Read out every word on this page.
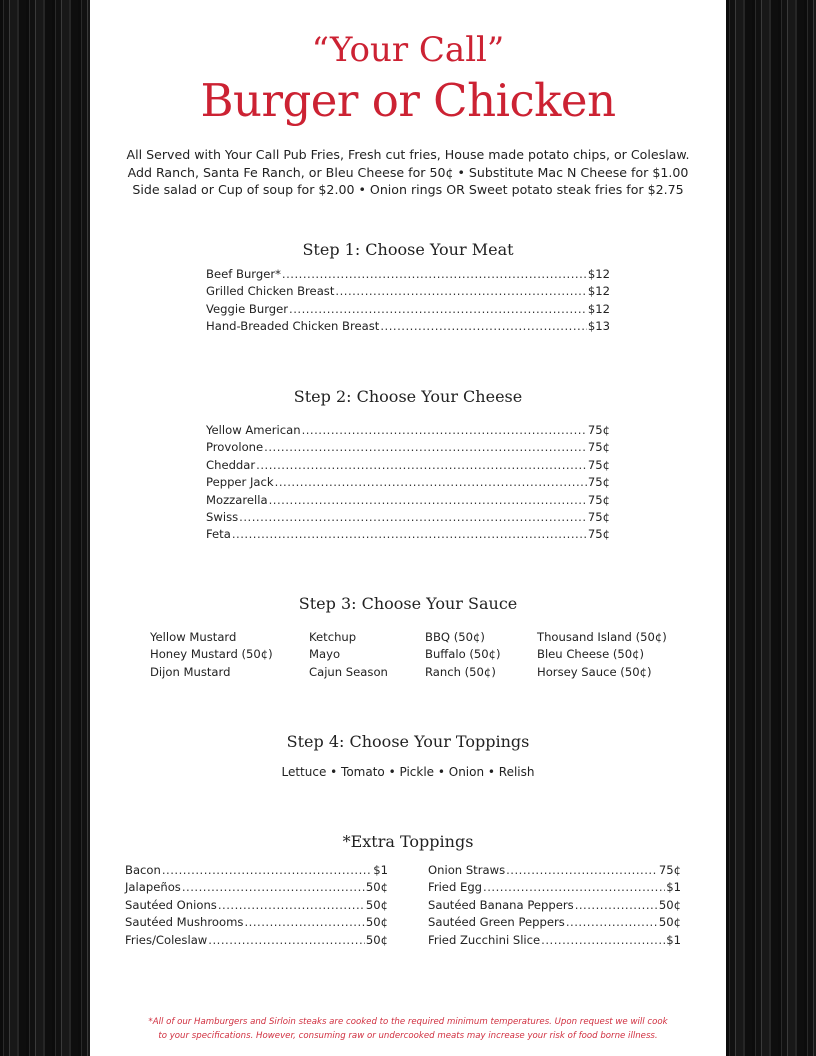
“Your Call”
Burger or Chicken
All Served with Your Call Pub Fries, Fresh cut fries, House made potato chips, or Coleslaw.
Add Ranch, Santa Fe Ranch, or Bleu Cheese for 50¢ • Substitute Mac N Cheese for $1.00
Side salad or Cup of soup for $2.00 • Onion rings OR Sweet potato steak fries for $2.75
Step 1: Choose Your Meat
Beef Burger* .....	$12
Grilled Chicken Breast .....	$12
Veggie Burger .....	$12
Hand-Breaded Chicken Breast .....	$13
Step 2: Choose Your Cheese
Yellow American .....	75¢
Provolone .....	75¢
Cheddar .....	75¢
Pepper Jack .....	75¢
Mozzarella .....	75¢
Swiss .....	75¢
Feta .....	75¢
Step 3: Choose Your Sauce
Yellow Mustard
Honey Mustard (50¢)
Dijon Mustard
Ketchup
Mayo
Cajun Season
BBQ (50¢)
Buffalo (50¢)
Ranch (50¢)
Thousand Island (50¢)
Bleu Cheese (50¢)
Horsey Sauce (50¢)
Step 4: Choose Your Toppings
Lettuce • Tomato • Pickle • Onion • Relish
*Extra Toppings
Bacon .....	$1
Jalapeños .....	50¢
Sautéed Onions .....	50¢
Sautéed Mushrooms .....	50¢
Fries/Coleslaw .....	50¢
Onion Straws .....	75¢
Fried Egg .....	$1
Sautéed Banana Peppers .....	50¢
Sautéed Green Peppers .....	50¢
Fried Zucchini Slice .....	$1
*All of our Hamburgers and Sirloin steaks are cooked to the required minimum temperatures. Upon request we will cook
to your specifications. However, consuming raw or undercooked meats may increase your risk of food borne illness.
